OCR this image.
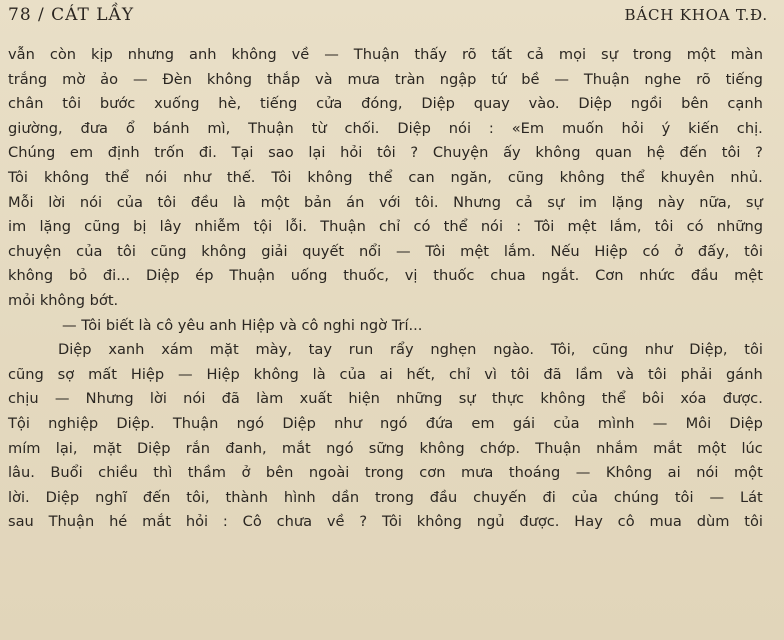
78 / CÁT LẦY	BÁCH KHOA T.Đ.
vẫn còn kịp nhưng anh không về — Thuận thấy rõ tất cả mọi sự trong một màn
trắng mờ ảo — Đèn không thắp và mưa tràn ngập tứ bề — Thuận nghe rõ tiếng
chân tôi bước xuống hè, tiếng cửa đóng, Diệp quay vào. Diệp ngồi bên cạnh
giường, đưa ổ bánh mì, Thuận từ chối. Diệp nói : «Em muốn hỏi ý kiến chị.
Chúng em định trốn đi. Tại sao lại hỏi tôi ? Chuyện ấy không quan hệ đến tôi ?
Tôi không thể nói như thế. Tôi không thể can ngăn, cũng không thể khuyên nhủ.
Mỗi lời nói của tôi đều là một bản án với tôi. Nhưng cả sự im lặng này nữa, sự
im lặng cũng bị lây nhiễm tội lỗi. Thuận chỉ có thể nói : Tôi mệt lắm, tôi có những
chuyện của tôi cũng không giải quyết nổi — Tôi mệt lắm. Nếu Hiệp có ở đấy, tôi
không bỏ đi... Diệp ép Thuận uống thuốc, vị thuốc chua ngắt. Cơn nhức đầu mệt
mỏi không bớt.
— Tôi biết là cô yêu anh Hiệp và cô nghi ngờ Trí...
Diệp xanh xám mặt mày, tay run rẩy nghẹn ngào. Tôi, cũng như Diệp, tôi
cũng sợ mất Hiệp — Hiệp không là của ai hết, chỉ vì tôi đã lầm và tôi phải gánh
chịu — Nhưng lời nói đã làm xuất hiện những sự thực không thể bôi xóa được.
Tội nghiệp Diệp. Thuận ngó Diệp như ngó đứa em gái của mình — Môi Diệp
mím lại, mặt Diệp rắn đanh, mắt ngó sững không chớp. Thuận nhắm mắt một lúc
lâu. Buổi chiều thì thầm ở bên ngoài trong cơn mưa thoáng — Không ai nói một
lời. Diệp nghĩ đến tôi, thành hình dần trong đầu chuyến đi của chúng tôi — Lát
sau Thuận hé mắt hỏi : Cô chưa về ? Tôi không ngủ được. Hay cô mua dùm tôi
